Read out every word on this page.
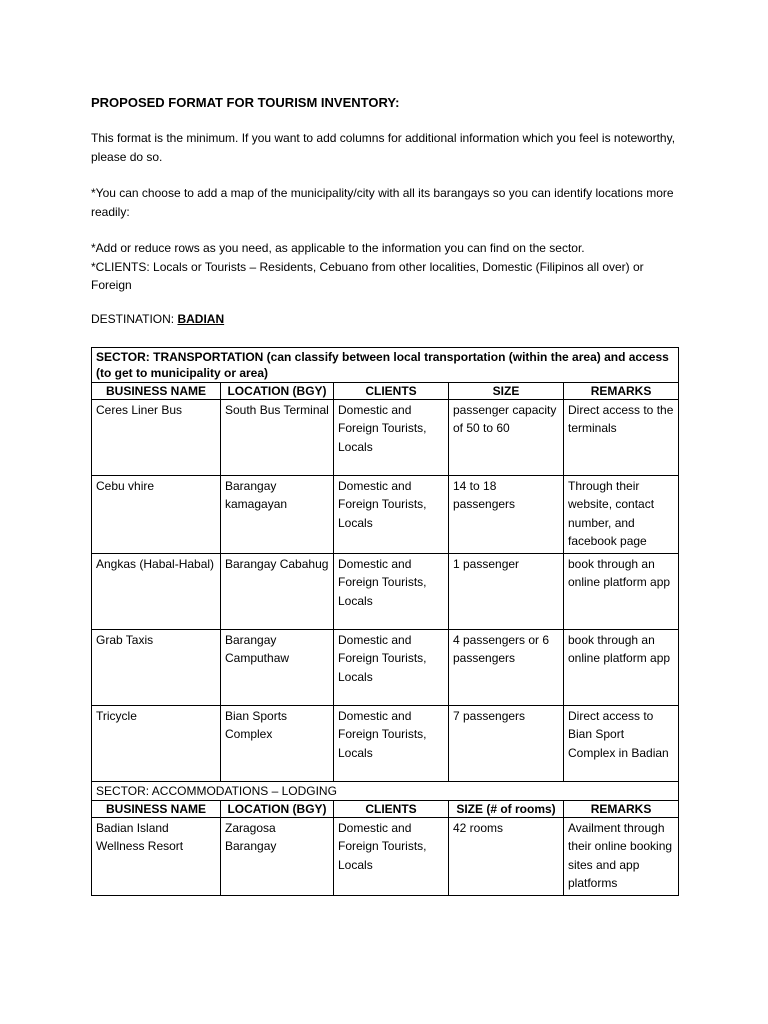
PROPOSED FORMAT FOR TOURISM INVENTORY:

This format is the minimum. If you want to add columns for additional information which you feel is noteworthy, please do so.

*You can choose to add a map of the municipality/city with all its barangays so you can identify locations more readily:

*Add or reduce rows as you need, as applicable to the information you can find on the sector.

*CLIENTS: Locals or Tourists – Residents, Cebuano from other localities, Domestic (Filipinos all over) or Foreign

DESTINATION: BADIAN
SECTOR: TRANSPORTATION (can classify between local transportation (within the area) and access (to get to municipality or area)				
BUSINESS NAME	LOCATION (BGY)	CLIENTS	SIZE	REMARKS
Ceres Liner Bus	South Bus Terminal	Domestic and Foreign Tourists, Locals	passenger capacity of 50 to 60	Direct access to the terminals
Cebu vhire	Barangay kamagayan	Domestic and Foreign Tourists, Locals	14 to 18 passengers	Through their website, contact number, and facebook page
Angkas (Habal-Habal)	Barangay Cabahug	Domestic and Foreign Tourists, Locals	1 passenger	book through an online platform app
Grab Taxis	Barangay Camputhaw	Domestic and Foreign Tourists, Locals	4 passengers or 6 passengers	book through an online platform app
Tricycle	Bian Sports Complex	Domestic and Foreign Tourists, Locals	7 passengers	Direct access to Bian Sport Complex in Badian
SECTOR: ACCOMMODATIONS – LODGING				
BUSINESS NAME	LOCATION (BGY)	CLIENTS	SIZE (# of rooms)	REMARKS
Badian Island Wellness Resort	Zaragosa Barangay	Domestic and Foreign Tourists, Locals	42 rooms	Availment through their online booking sites and app platforms
